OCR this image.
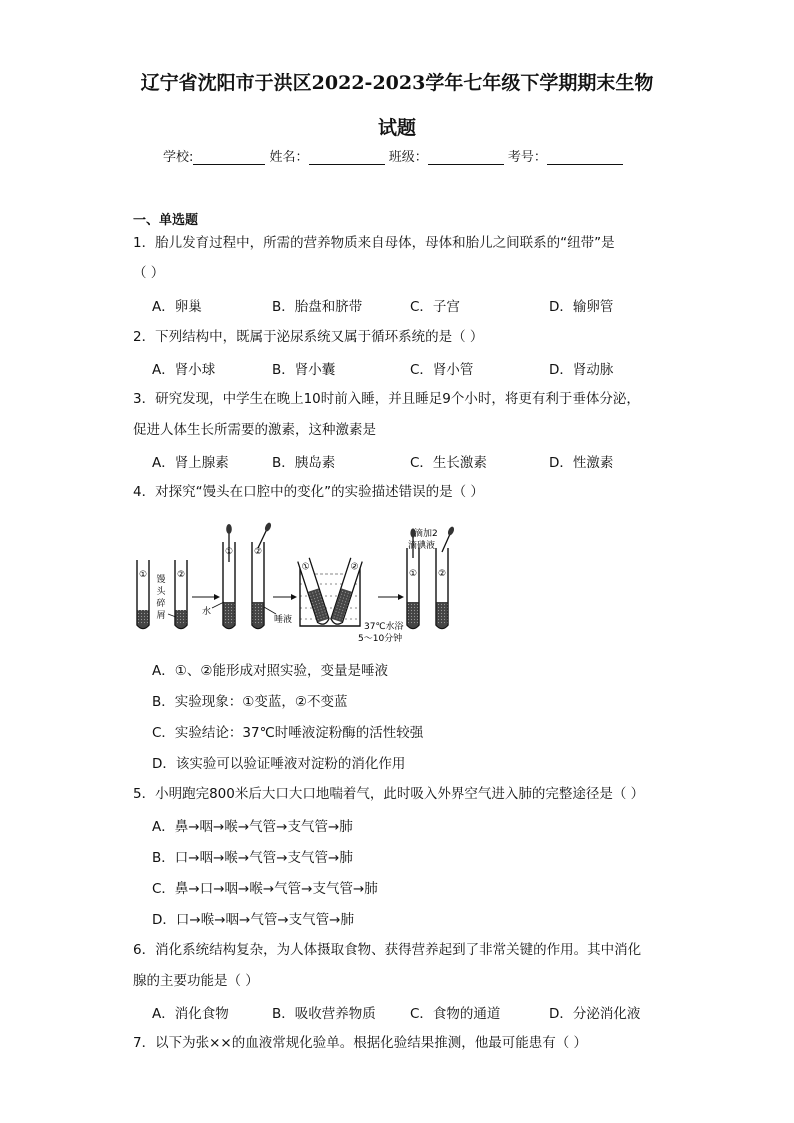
辽宁省沈阳市于洪区2022-2023学年七年级下学期期末生物
试题
学校:	姓名：	班级：	考号：
一、单选题
1．胎儿发育过程中，所需的营养物质来自母体，母体和胎儿之间联系的“纽带”是
（ ）
A．卵巢	B．胎盘和脐带	C．子宫	D．输卵管
2．下列结构中，既属于泌尿系统又属于循环系统的是（ ）
A．肾小球	B．肾小囊	C．肾小管	D．肾动脉
3．研究发现，中学生在晚上10时前入睡，并且睡足9个小时，将更有利于垂体分泌，
促进人体生长所需要的激素，这种激素是
A．肾上腺素	B．胰岛素	C．生长激素	D．性激素
4．对探究“馒头在口腔中的变化”的实验描述错误的是（ ）
①	②
馒
头
碎
屑
① ②
水
唾液
①	②
37℃水浴
5～10分钟
① ②
滴加2
滴碘液
A．①、②能形成对照实验，变量是唾液
B．实验现象：①变蓝，②不变蓝
C．实验结论：37℃时唾液淀粉酶的活性较强
D．该实验可以验证唾液对淀粉的消化作用
5．小明跑完800米后大口大口地喘着气，此时吸入外界空气进入肺的完整途径是（ ）
A．鼻→咽→喉→气管→支气管→肺
B．口→咽→喉→气管→支气管→肺
C．鼻→口→咽→喉→气管→支气管→肺
D．口→喉→咽→气管→支气管→肺
6．消化系统结构复杂，为人体摄取食物、获得营养起到了非常关键的作用。其中消化
腺的主要功能是（ ）
A．消化食物	B．吸收营养物质	C．食物的通道	D．分泌消化液
7．以下为张××的血液常规化验单。根据化验结果推测，他最可能患有（ ）
